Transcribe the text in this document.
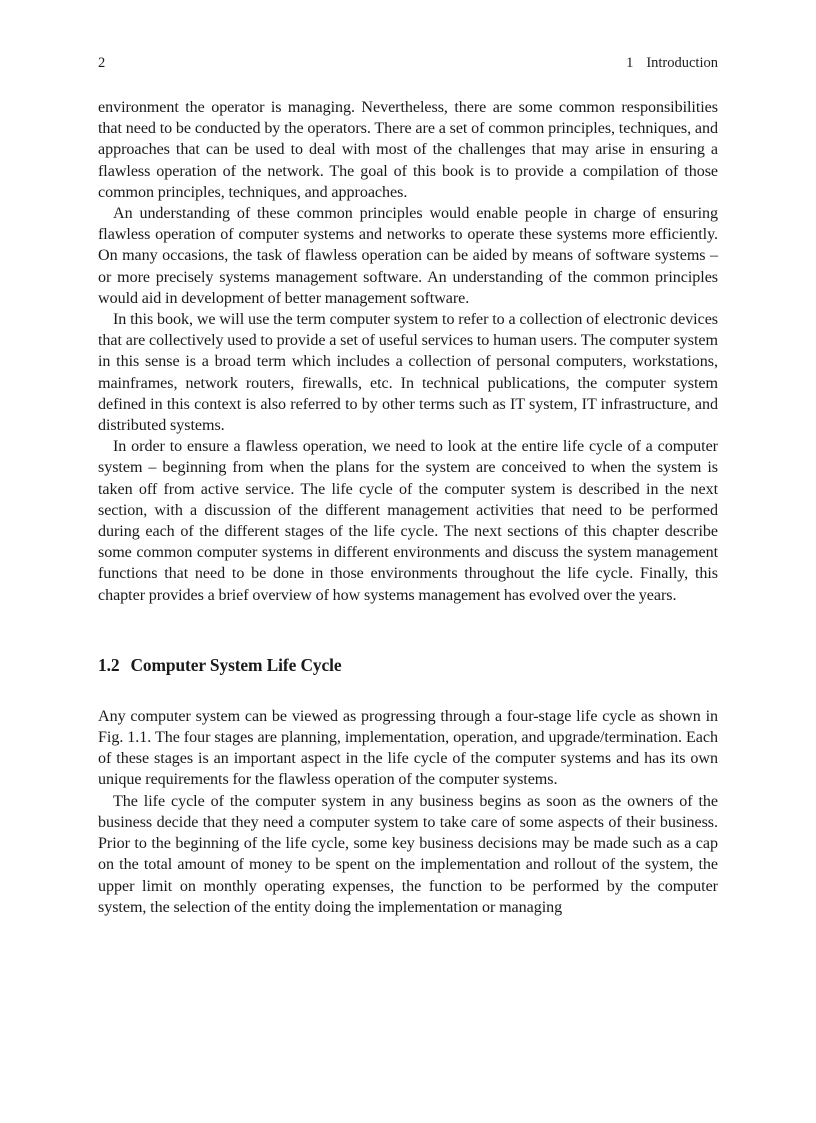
2	1 Introduction

environment the operator is managing. Nevertheless, there are some common responsibilities that need to be conducted by the operators. There are a set of common principles, techniques, and approaches that can be used to deal with most of the challenges that may arise in ensuring a flawless operation of the network. The goal of this book is to provide a compilation of those common principles, techniques, and approaches.

An understanding of these common principles would enable people in charge of ensuring flawless operation of computer systems and networks to operate these systems more efficiently. On many occasions, the task of flawless operation can be aided by means of software systems – or more precisely systems management software. An understanding of the common principles would aid in development of better management software.

In this book, we will use the term computer system to refer to a collection of electronic devices that are collectively used to provide a set of useful services to human users. The computer system in this sense is a broad term which includes a collection of personal computers, workstations, mainframes, network routers, firewalls, etc. In technical publications, the computer system defined in this context is also referred to by other terms such as IT system, IT infrastructure, and distributed systems.

In order to ensure a flawless operation, we need to look at the entire life cycle of a computer system – beginning from when the plans for the system are conceived to when the system is taken off from active service. The life cycle of the computer system is described in the next section, with a discussion of the different management activities that need to be performed during each of the different stages of the life cycle. The next sections of this chapter describe some common computer systems in different environments and discuss the system management functions that need to be done in those environments throughout the life cycle. Finally, this chapter provides a brief overview of how systems management has evolved over the years.

1.2 Computer System Life Cycle

Any computer system can be viewed as progressing through a four-stage life cycle as shown in Fig. 1.1. The four stages are planning, implementation, operation, and upgrade/termination. Each of these stages is an important aspect in the life cycle of the computer systems and has its own unique requirements for the flawless operation of the computer systems.

The life cycle of the computer system in any business begins as soon as the owners of the business decide that they need a computer system to take care of some aspects of their business. Prior to the beginning of the life cycle, some key business decisions may be made such as a cap on the total amount of money to be spent on the implementation and rollout of the system, the upper limit on monthly operating expenses, the function to be performed by the computer system, the selection of the entity doing the implementation or managing
